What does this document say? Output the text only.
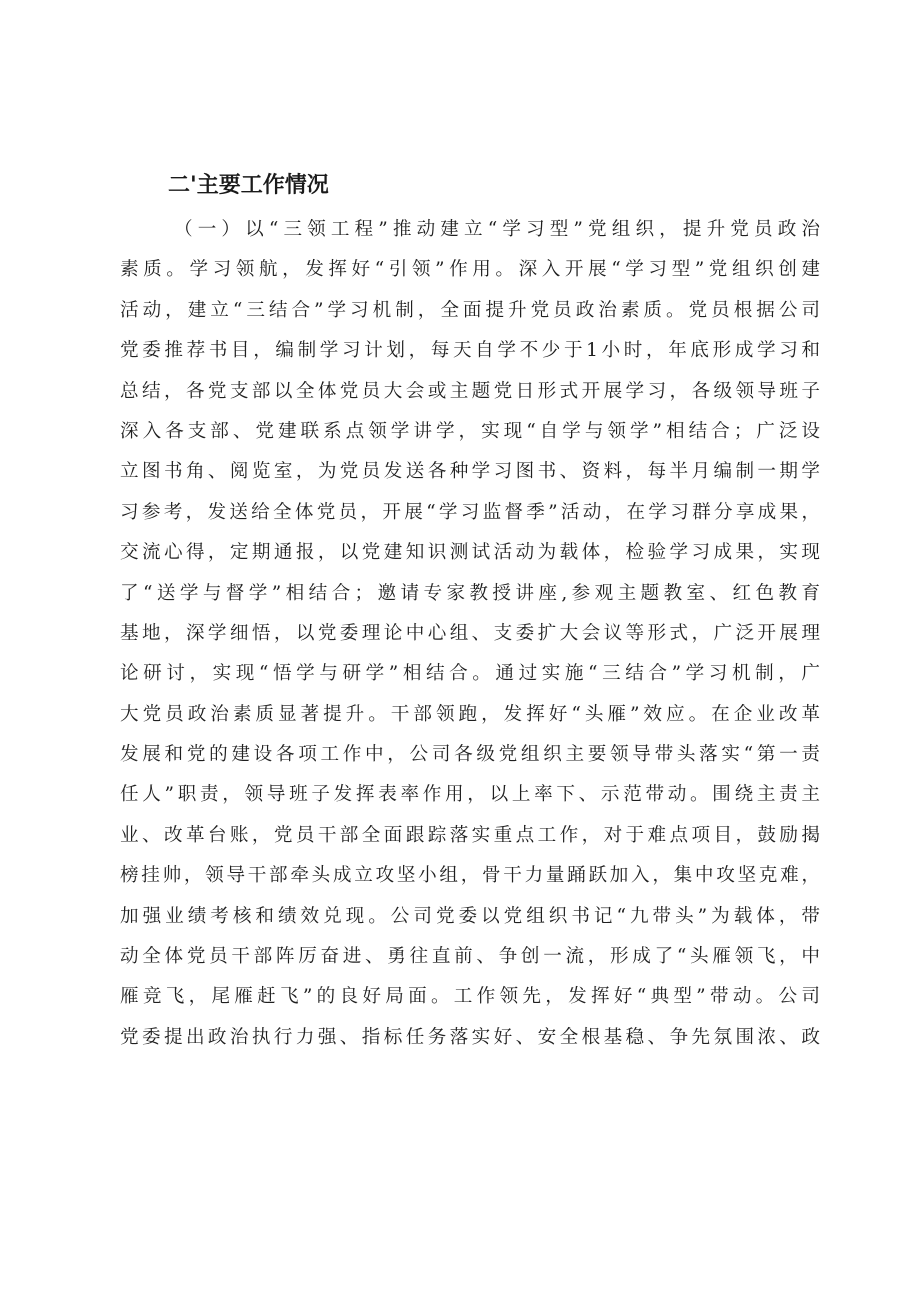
二'主要工作情况
（一）以“三领工程”推动建立“学习型”党组织，提升党员政治
素质。学习领航，发挥好“引领”作用。深入开展“学习型”党组织创建
活动，建立“三结合”学习机制，全面提升党员政治素质。党员根据公司
党委推荐书目，编制学习计划，每天自学不少于1小时，年底形成学习和
总结，各党支部以全体党员大会或主题党日形式开展学习，各级领导班子
深入各支部、党建联系点领学讲学，实现“自学与领学”相结合；广泛设
立图书角、阅览室，为党员发送各种学习图书、资料，每半月编制一期学
习参考，发送给全体党员，开展“学习监督季”活动，在学习群分享成果，
交流心得，定期通报，以党建知识测试活动为载体，检验学习成果，实现
了“送学与督学”相结合；邀请专家教授讲座,参观主题教室、红色教育
基地，深学细悟，以党委理论中心组、支委扩大会议等形式，广泛开展理
论研讨，实现“悟学与研学”相结合。通过实施“三结合”学习机制，广
大党员政治素质显著提升。干部领跑，发挥好“头雁”效应。在企业改革
发展和党的建设各项工作中，公司各级党组织主要领导带头落实“第一责
任人”职责，领导班子发挥表率作用，以上率下、示范带动。围绕主责主
业、改革台账，党员干部全面跟踪落实重点工作，对于难点项目，鼓励揭
榜挂帅，领导干部牵头成立攻坚小组，骨干力量踊跃加入，集中攻坚克难，
加强业绩考核和绩效兑现。公司党委以党组织书记“九带头”为载体，带
动全体党员干部阵厉奋进、勇往直前、争创一流，形成了“头雁领飞，中
雁竞飞，尾雁赶飞”的良好局面。工作领先，发挥好“典型”带动。公司
党委提出政治执行力强、指标任务落实好、安全根基稳、争先氛围浓、政
